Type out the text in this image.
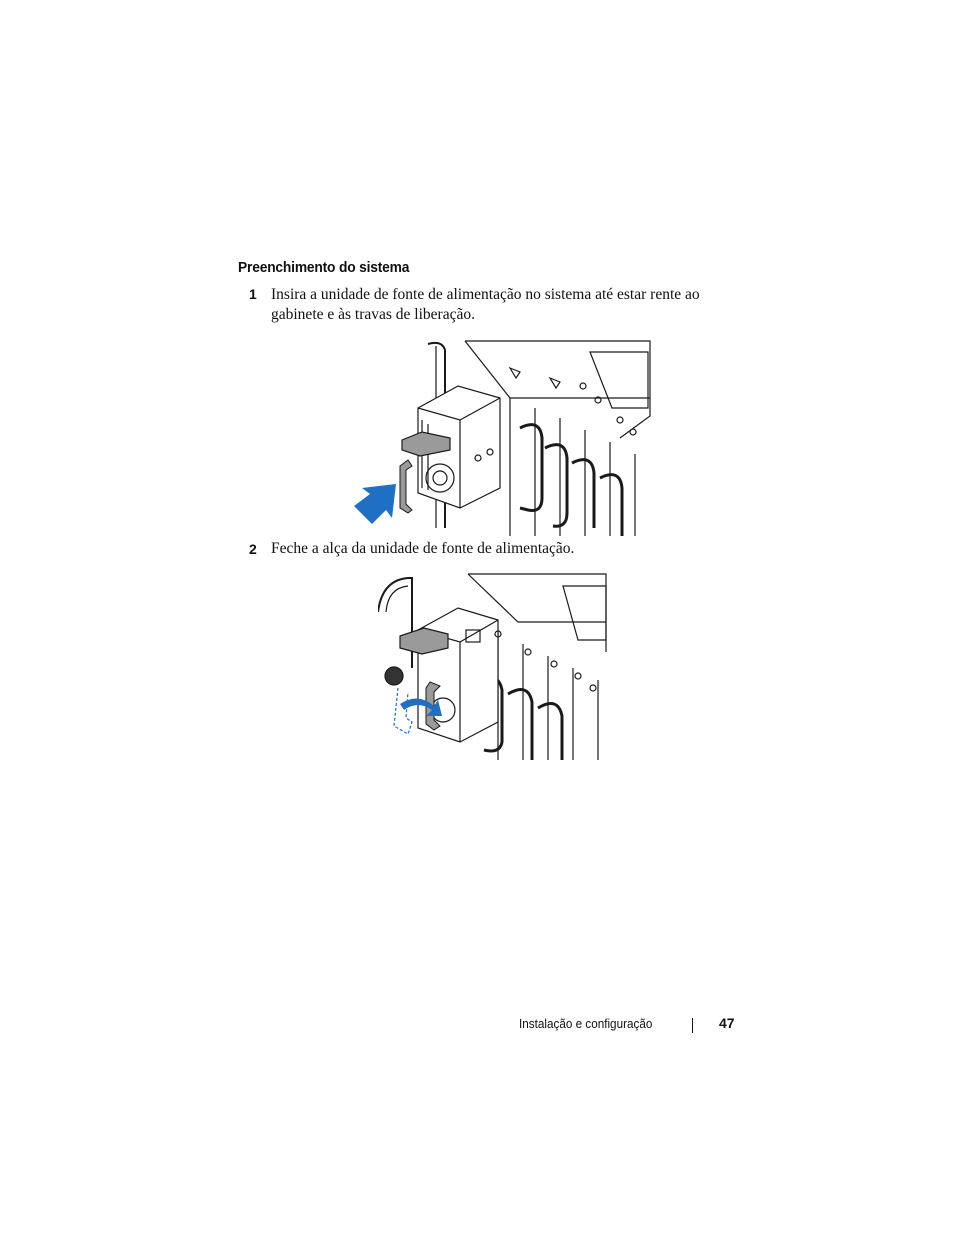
Preenchimento do sistema
1 Insira a unidade de fonte de alimentação no sistema até estar rente ao
gabinete e às travas de liberação.
2 Feche a alça da unidade de fonte de alimentação.
Instalação e configuração	47
